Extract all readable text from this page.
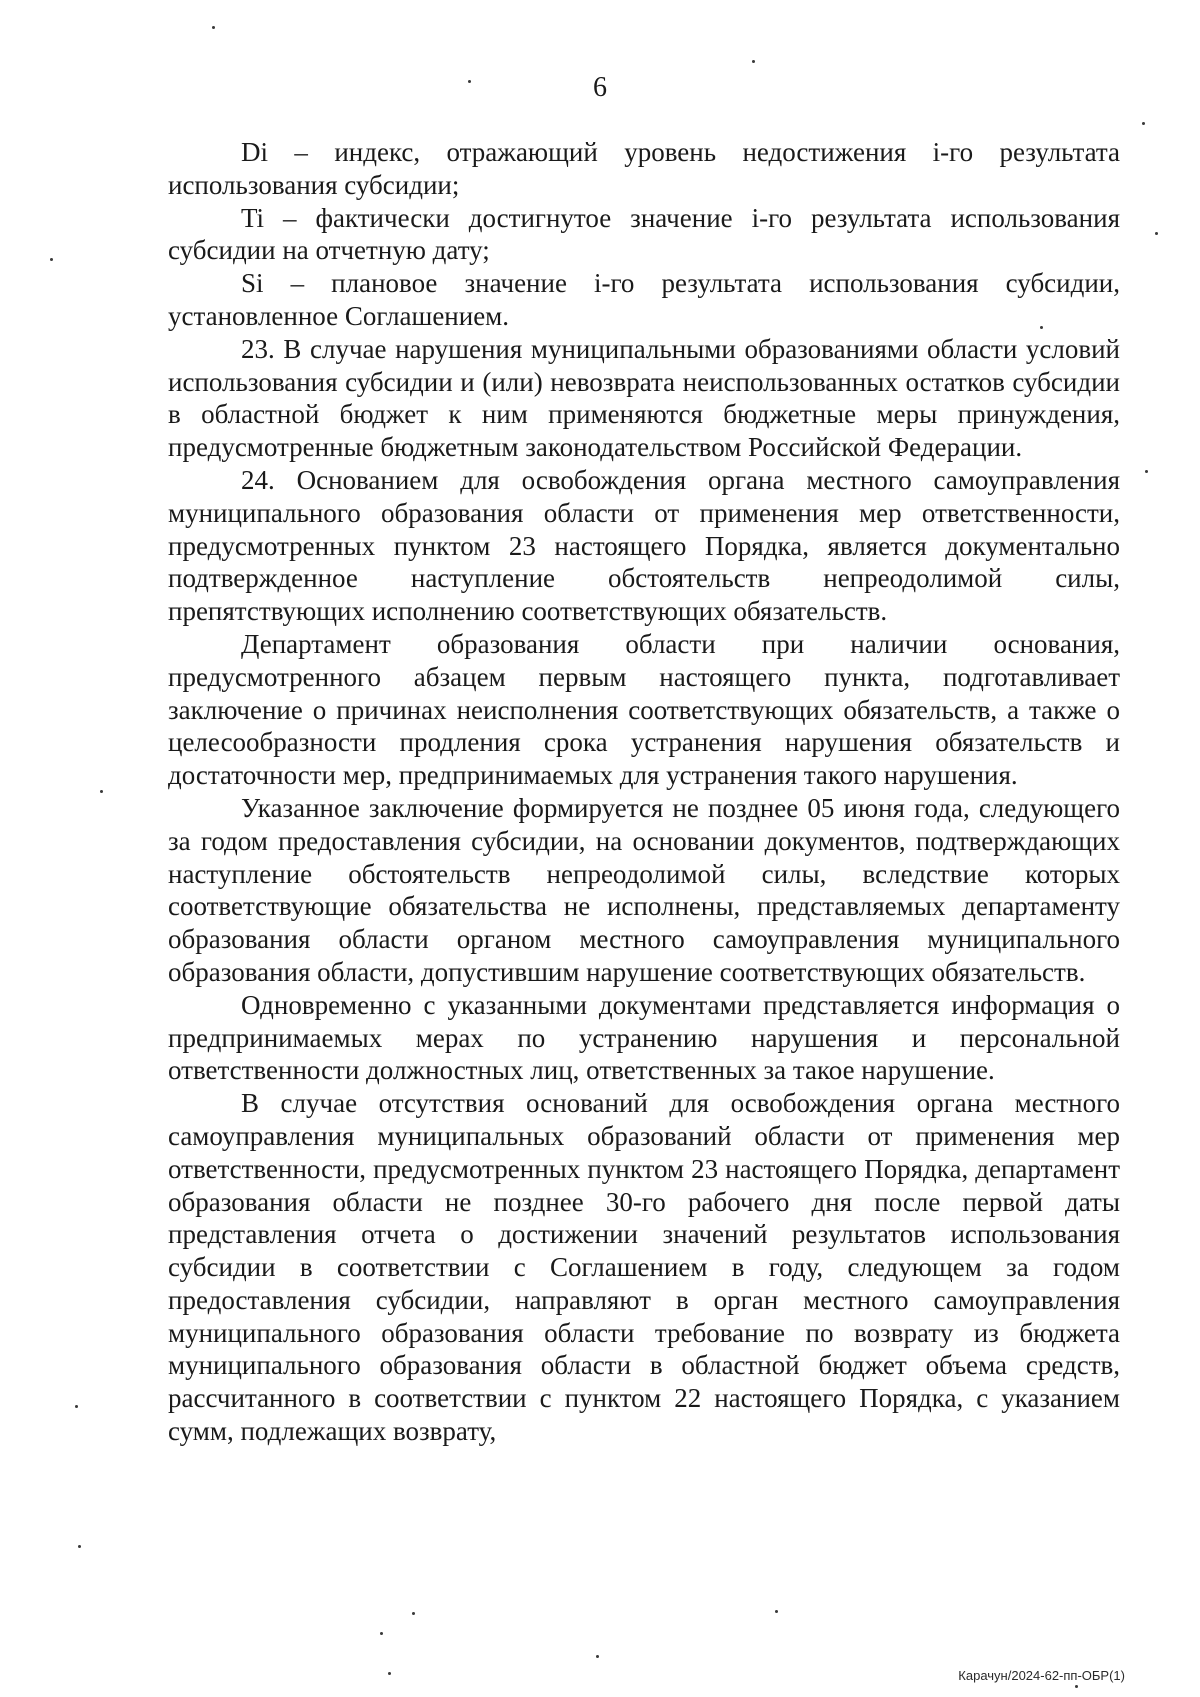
6

Di – индекс, отражающий уровень недостижения i-го результата использования субсидии;

Ti – фактически достигнутое значение i-го результата использования субсидии на отчетную дату;

Si – плановое значение i-го результата использования субсидии, установленное Соглашением.

23. В случае нарушения муниципальными образованиями области условий использования субсидии и (или) невозврата неиспользованных остатков субсидии в областной бюджет к ним применяются бюджетные меры принуждения, предусмотренные бюджетным законодательством Российской Федерации.

24. Основанием для освобождения органа местного самоуправления муниципального образования области от применения мер ответственности, предусмотренных пунктом 23 настоящего Порядка, является документально подтвержденное наступление обстоятельств непреодолимой силы, препятствующих исполнению соответствующих обязательств.

Департамент образования области при наличии основания, предусмотренного абзацем первым настоящего пункта, подготавливает заключение о причинах неисполнения соответствующих обязательств, а также о целесообразности продления срока устранения нарушения обязательств и достаточности мер, предпринимаемых для устранения такого нарушения.

Указанное заключение формируется не позднее 05 июня года, следующего за годом предоставления субсидии, на основании документов, подтверждающих наступление обстоятельств непреодолимой силы, вследствие которых соответствующие обязательства не исполнены, представляемых департаменту образования области органом местного самоуправления муниципального образования области, допустившим нарушение соответствующих обязательств.

Одновременно с указанными документами представляется информация о предпринимаемых мерах по устранению нарушения и персональной ответственности должностных лиц, ответственных за такое нарушение.

В случае отсутствия оснований для освобождения органа местного самоуправления муниципальных образований области от применения мер ответственности, предусмотренных пунктом 23 настоящего Порядка, департамент образования области не позднее 30-го рабочего дня после первой даты представления отчета о достижении значений результатов использования субсидии в соответствии с Соглашением в году, следующем за годом предоставления субсидии, направляют в орган местного самоуправления муниципального образования области требование по возврату из бюджета муниципального образования области в областной бюджет объема средств, рассчитанного в соответствии с пунктом 22 настоящего Порядка, с указанием сумм, подлежащих возврату,

Карачун/2024-62-пп-ОБР(1)
